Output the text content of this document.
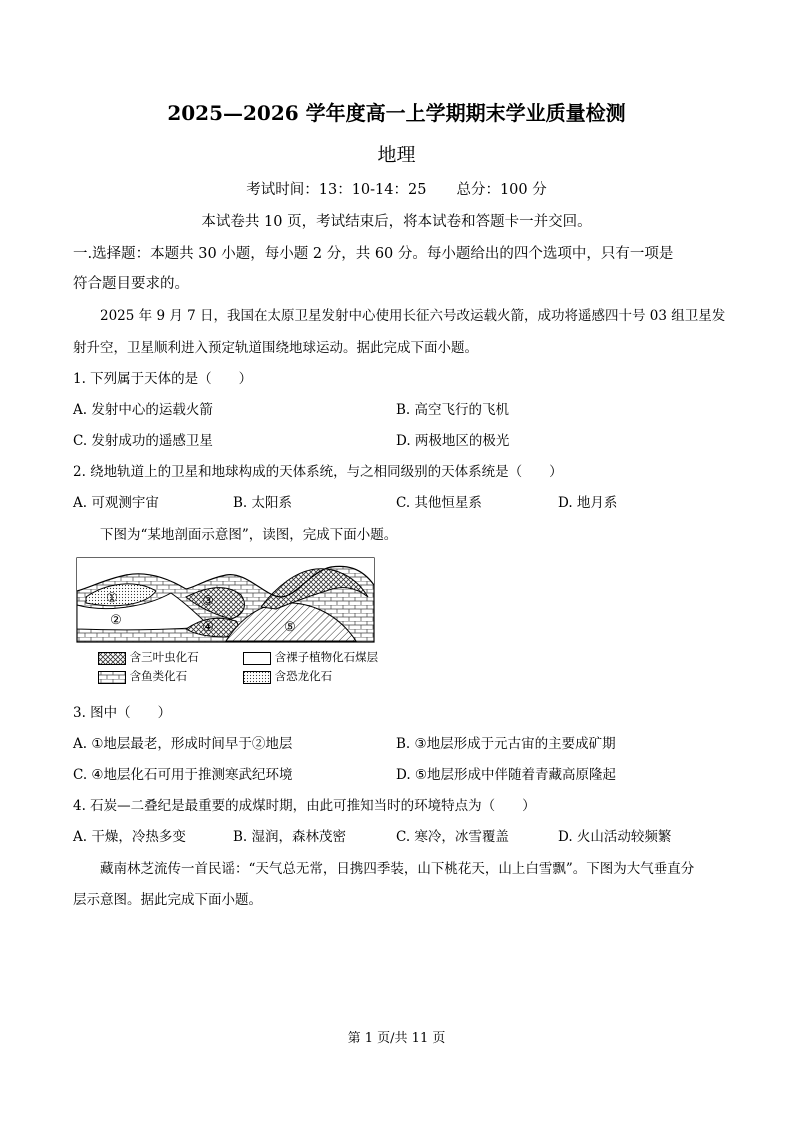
2025—2026 学年度高一上学期期末学业质量检测
地理
考试时间：13：10-14：25 总分：100 分
本试卷共 10 页，考试结束后，将本试卷和答题卡一并交回。
一.选择题：本题共 30 小题，每小题 2 分，共 60 分。每小题给出的四个选项中，只有一项是
符合题目要求的。
2025 年 9 月 7 日，我国在太原卫星发射中心使用长征六号改运载火箭，成功将遥感四十号 03 组卫星发
射升空，卫星顺利进入预定轨道围绕地球运动。据此完成下面小题。
1. 下列属于天体的是（　　）
A. 发射中心的运载火箭	B. 高空飞行的飞机
C. 发射成功的遥感卫星	D. 两极地区的极光
2. 绕地轨道上的卫星和地球构成的天体系统，与之相同级别的天体系统是（　　）
A. 可观测宇宙	B. 太阳系	C. 其他恒星系	D. 地月系
下图为“某地剖面示意图”，读图，完成下面小题。
①
②
③
④	⑤
含三叶虫化石	含裸子植物化石煤层
含鱼类化石	含恐龙化石
3. 图中（　　）
A. ①地层最老，形成时间早于②地层	B. ③地层形成于元古宙的主要成矿期
C. ④地层化石可用于推测寒武纪环境	D. ⑤地层形成中伴随着青藏高原隆起
4. 石炭—二叠纪是最重要的成煤时期，由此可推知当时的环境特点为（　　）
A. 干燥，冷热多变	B. 湿润，森林茂密	C. 寒冷，冰雪覆盖	D. 火山活动较频繁
藏南林芝流传一首民谣：“天气总无常，日携四季装，山下桃花天，山上白雪飘”。下图为大气垂直分
层示意图。据此完成下面小题。
第 1 页/共 11 页
